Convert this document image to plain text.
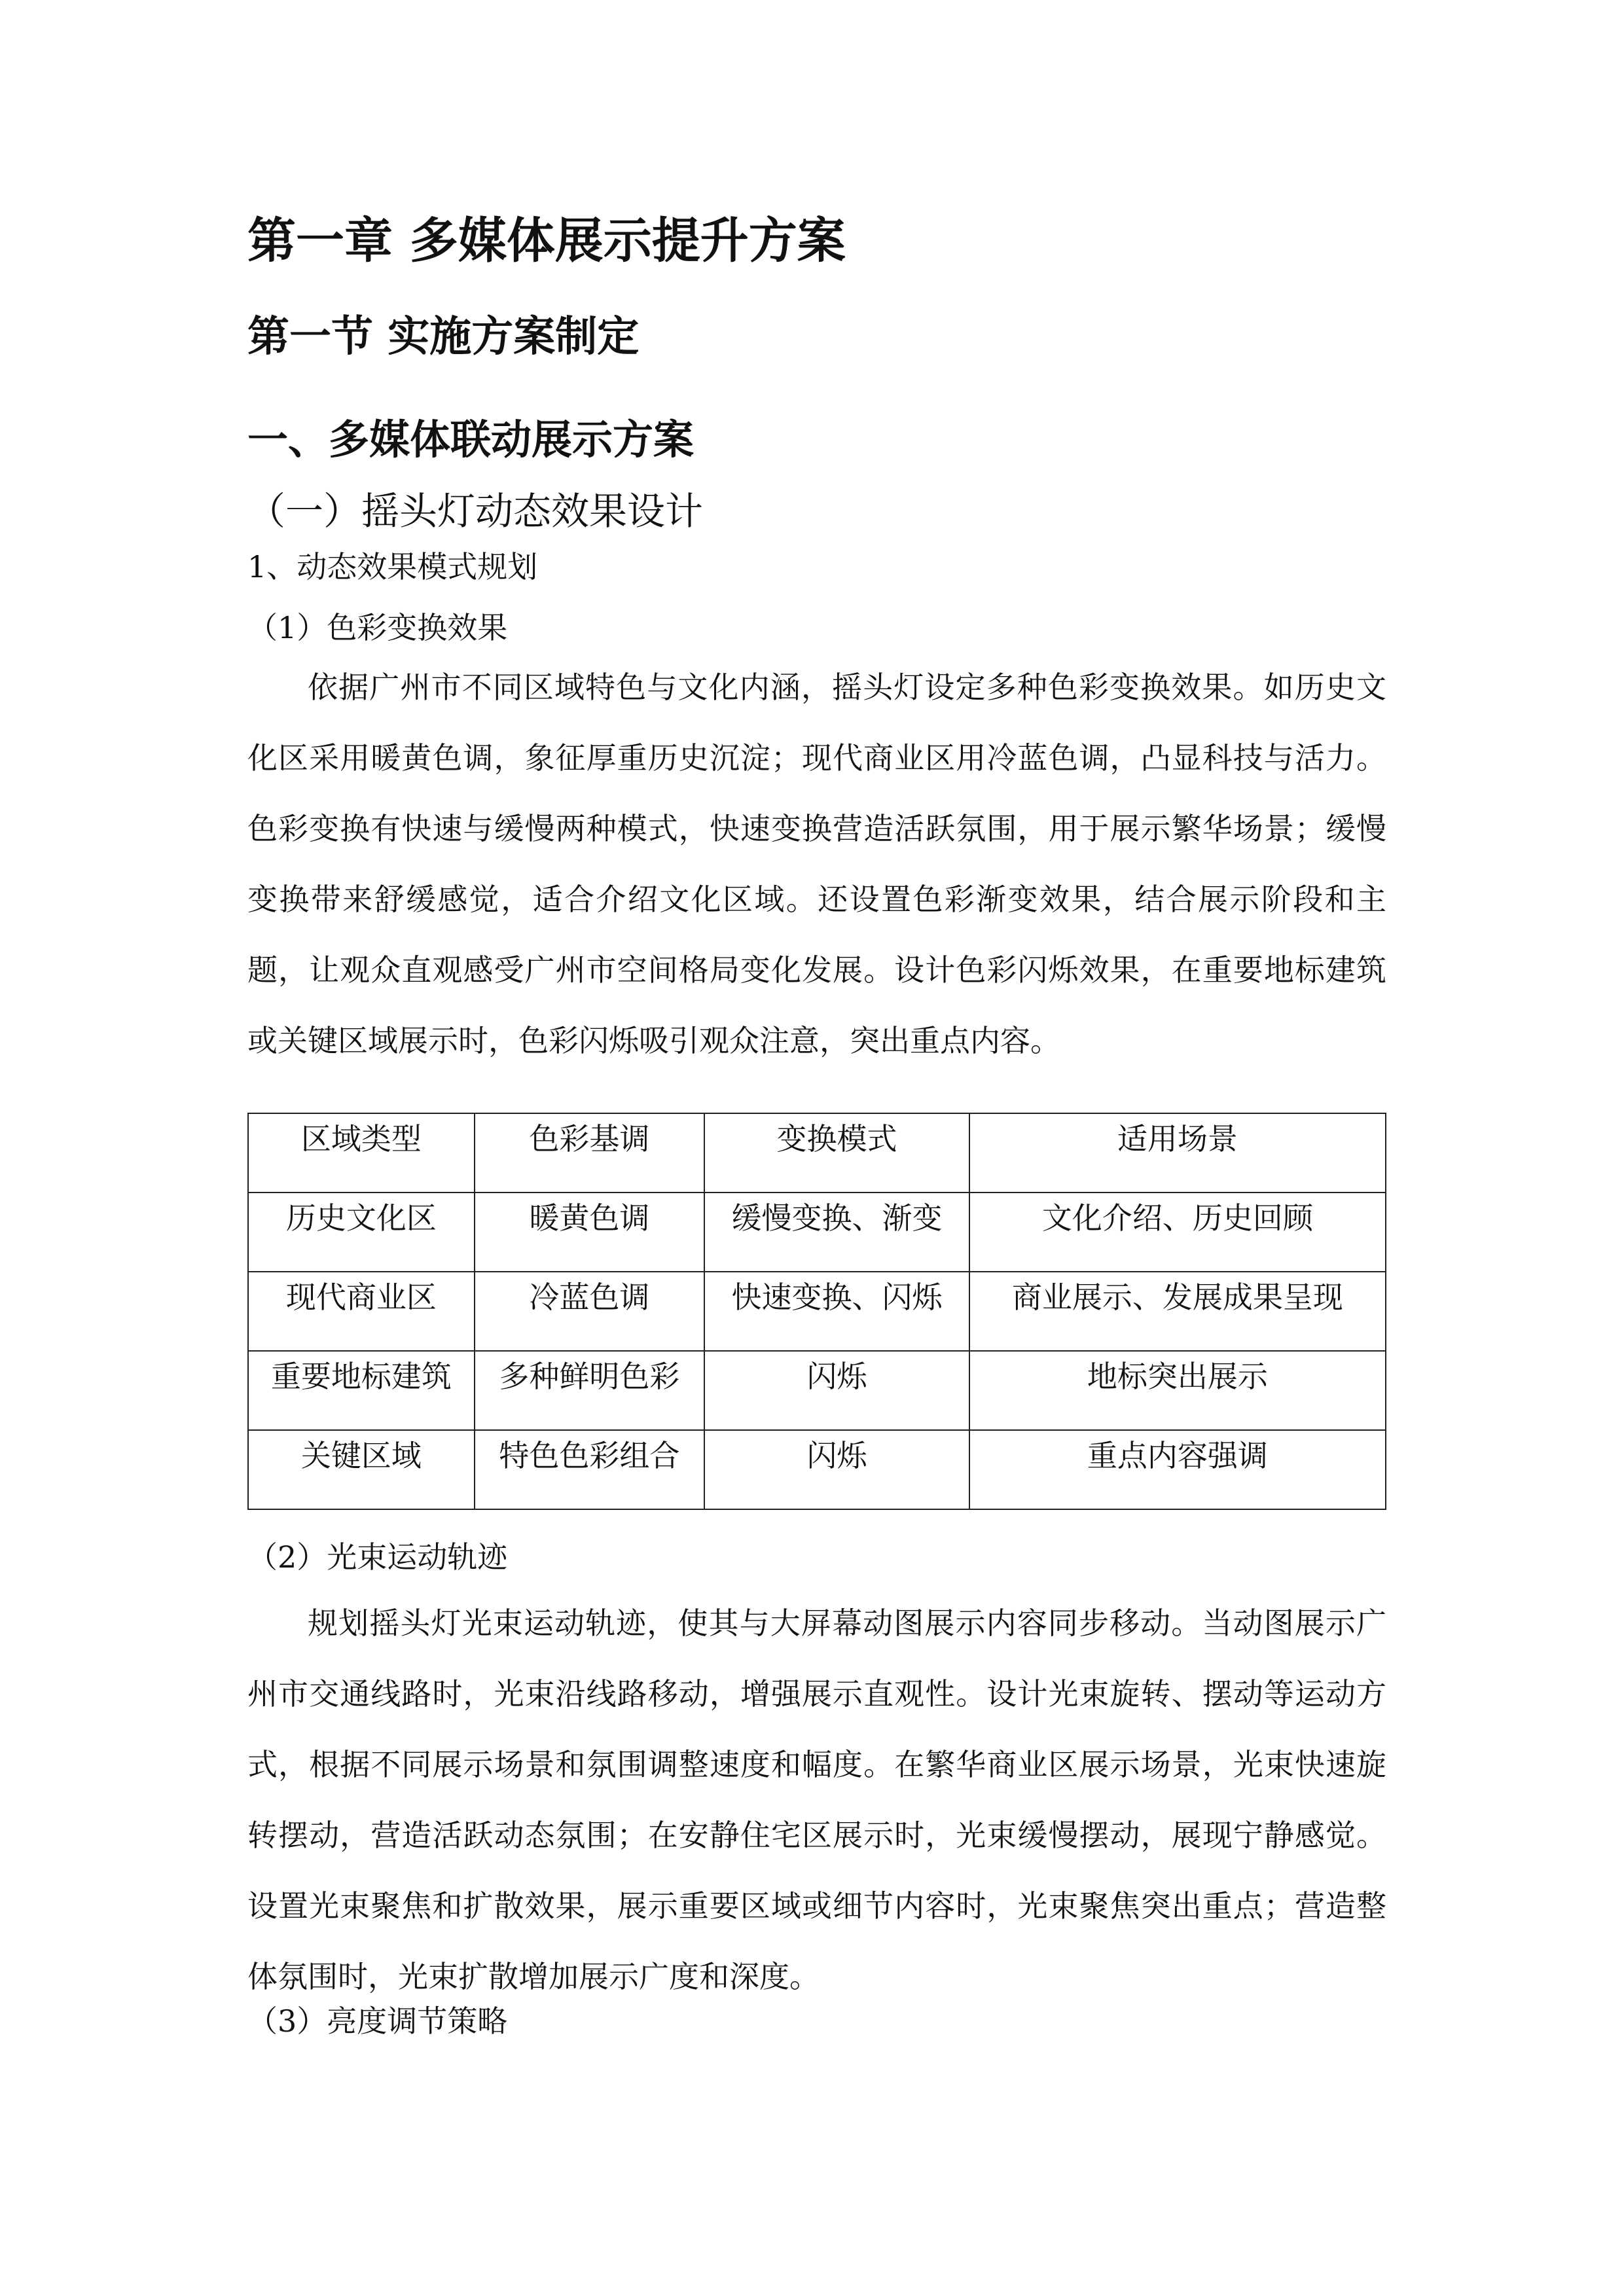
第一章 多媒体展示提升方案
第一节 实施方案制定
一、多媒体联动展示方案
（一）摇头灯动态效果设计
1、动态效果模式规划
（1）色彩变换效果

依据广州市不同区域特色与文化内涵，摇头灯设定多种色彩变换效果。如历史文化区采用暖黄色调，象征厚重历史沉淀；现代商业区用冷蓝色调，凸显科技与活力。色彩变换有快速与缓慢两种模式，快速变换营造活跃氛围，用于展示繁华场景；缓慢变换带来舒缓感觉，适合介绍文化区域。还设置色彩渐变效果，结合展示阶段和主题，让观众直观感受广州市空间格局变化发展。设计色彩闪烁效果，在重要地标建筑或关键区域展示时，色彩闪烁吸引观众注意，突出重点内容。

区域类型	色彩基调	变换模式	适用场景
历史文化区	暖黄色调	缓慢变换、渐变	文化介绍、历史回顾
现代商业区	冷蓝色调	快速变换、闪烁	商业展示、发展成果呈现
重要地标建筑	多种鲜明色彩	闪烁	地标突出展示
关键区域	特色色彩组合	闪烁	重点内容强调
（2）光束运动轨迹

规划摇头灯光束运动轨迹，使其与大屏幕动图展示内容同步移动。当动图展示广州市交通线路时，光束沿线路移动，增强展示直观性。设计光束旋转、摆动等运动方式，根据不同展示场景和氛围调整速度和幅度。在繁华商业区展示场景，光束快速旋转摆动，营造活跃动态氛围；在安静住宅区展示时，光束缓慢摆动，展现宁静感觉。设置光束聚焦和扩散效果，展示重要区域或细节内容时，光束聚焦突出重点；营造整体氛围时，光束扩散增加展示广度和深度。

（3）亮度调节策略
